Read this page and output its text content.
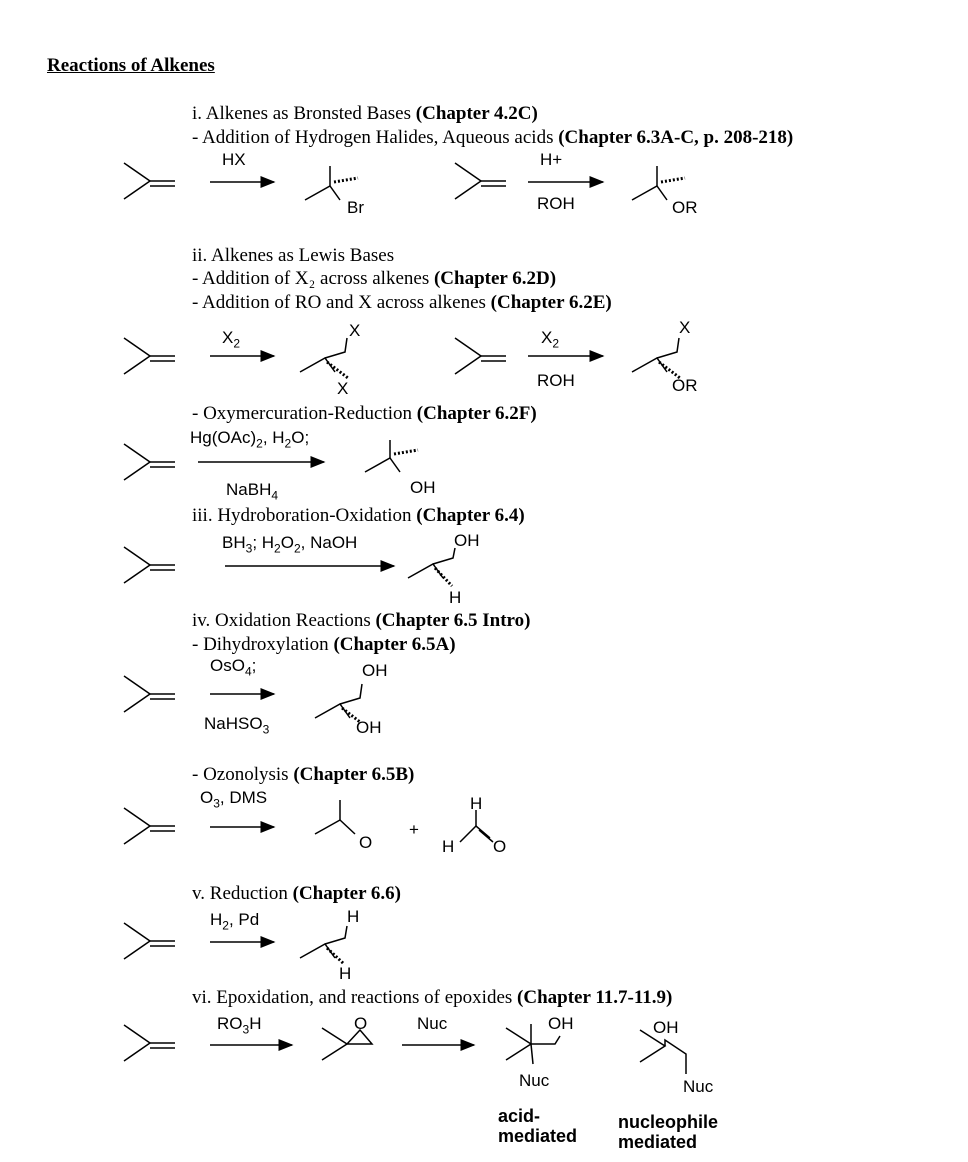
Reactions of Alkenes
i. Alkenes as Bronsted Bases (Chapter 4.2C)
- Addition of Hydrogen Halides, Aqueous acids (Chapter 6.3A-C, p. 208-218)
ii. Alkenes as Lewis Bases
- Addition of X₂ across alkenes (Chapter 6.2D)
- Addition of RO and X across alkenes (Chapter 6.2E)
- Oxymercuration-Reduction (Chapter 6.2F)
iii. Hydroboration-Oxidation (Chapter 6.4)
iv. Oxidation Reactions (Chapter 6.5 Intro)
- Dihydroxylation (Chapter 6.5A)
- Ozonolysis (Chapter 6.5B)
v. Reduction (Chapter 6.6)
vi. Epoxidation, and reactions of epoxides (Chapter 11.7-11.9)
HX	H+
ROH
$X_2$	$X_2$
ROH
$Hg(OAc)_2$, $H_2O$;
NaBH$_4$
$BH_3$; $H_2O_2$, NaOH
OsO$_4$;
NaHSO$_3$
$O_3$, DMS
$H_2$, Pd
$RO_3H$	Nuc
acid-
mediated
nucleophile
mediated
Br	OR
X
X
X
OR
OH
OH
H
OH
OH
O
+
H
H O
H
H
O	OH
Nuc
OH
Nuc
